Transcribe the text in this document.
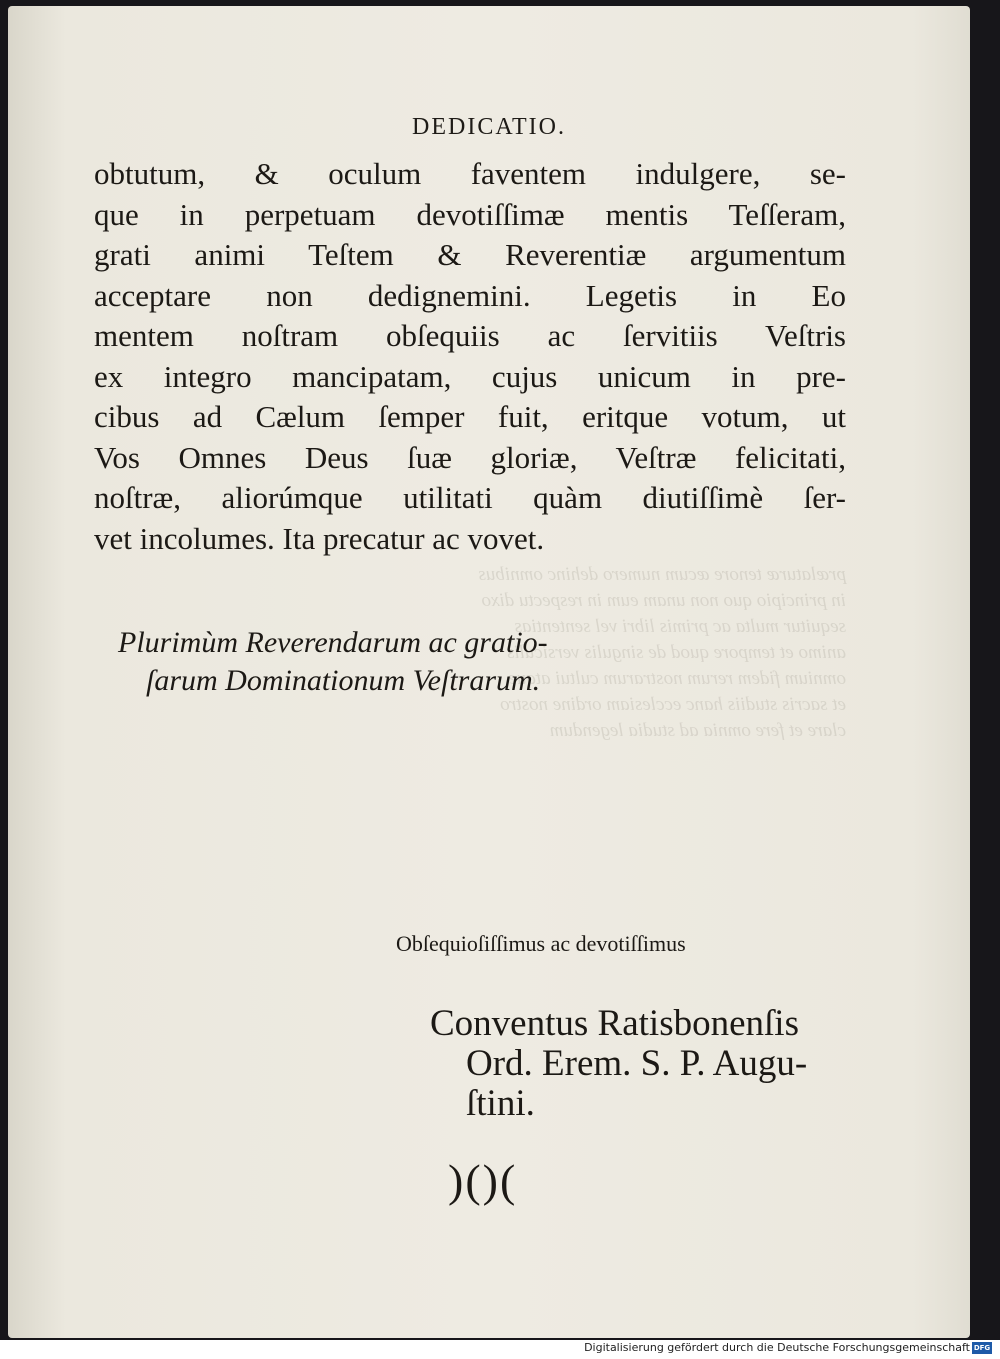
prælaturæ tenore æcum numero dehinc omnibus
in principio quo non unam eum in respectu dixo
sequitur multa ac primis libri vel sententias
animo et tempore quod de singulis versiculis
omnium fidem rerum nostrarum cultui atque
et sacris studiis hanc ecclesiam ordine nostro
clare et fere omnia ad studia legendum

DEDICATIO.
obtutum, & oculum faventem indulgere, se-
que in perpetuam devotiſſimæ mentis Teſſeram,
grati animi Teſtem & Reverentiæ argumentum
acceptare non dedignemini. Legetis in Eo
mentem noſtram obſequiis ac ſervitiis Veſtris
ex integro mancipatam, cujus unicum in pre-
cibus ad Cælum ſemper fuit, eritque votum, ut
Vos Omnes Deus ſuæ gloriæ, Veſtræ felicitati,
noſtræ, aliorúmque utilitati quàm diutiſſimè ſer-
vet incolumes. Ita precatur ac vovet.
Plurimùm Reverendarum ac gratio-
ſarum Dominationum Veſtrarum.
Obſequioſiſſimus ac devotiſſimus
Conventus Ratisbonenſis
Ord. Erem. S. P. Augu-
ſtini.
)()(
Digitalisierung gefördert durch die Deutsche Forschungsgemeinschaft DFG
